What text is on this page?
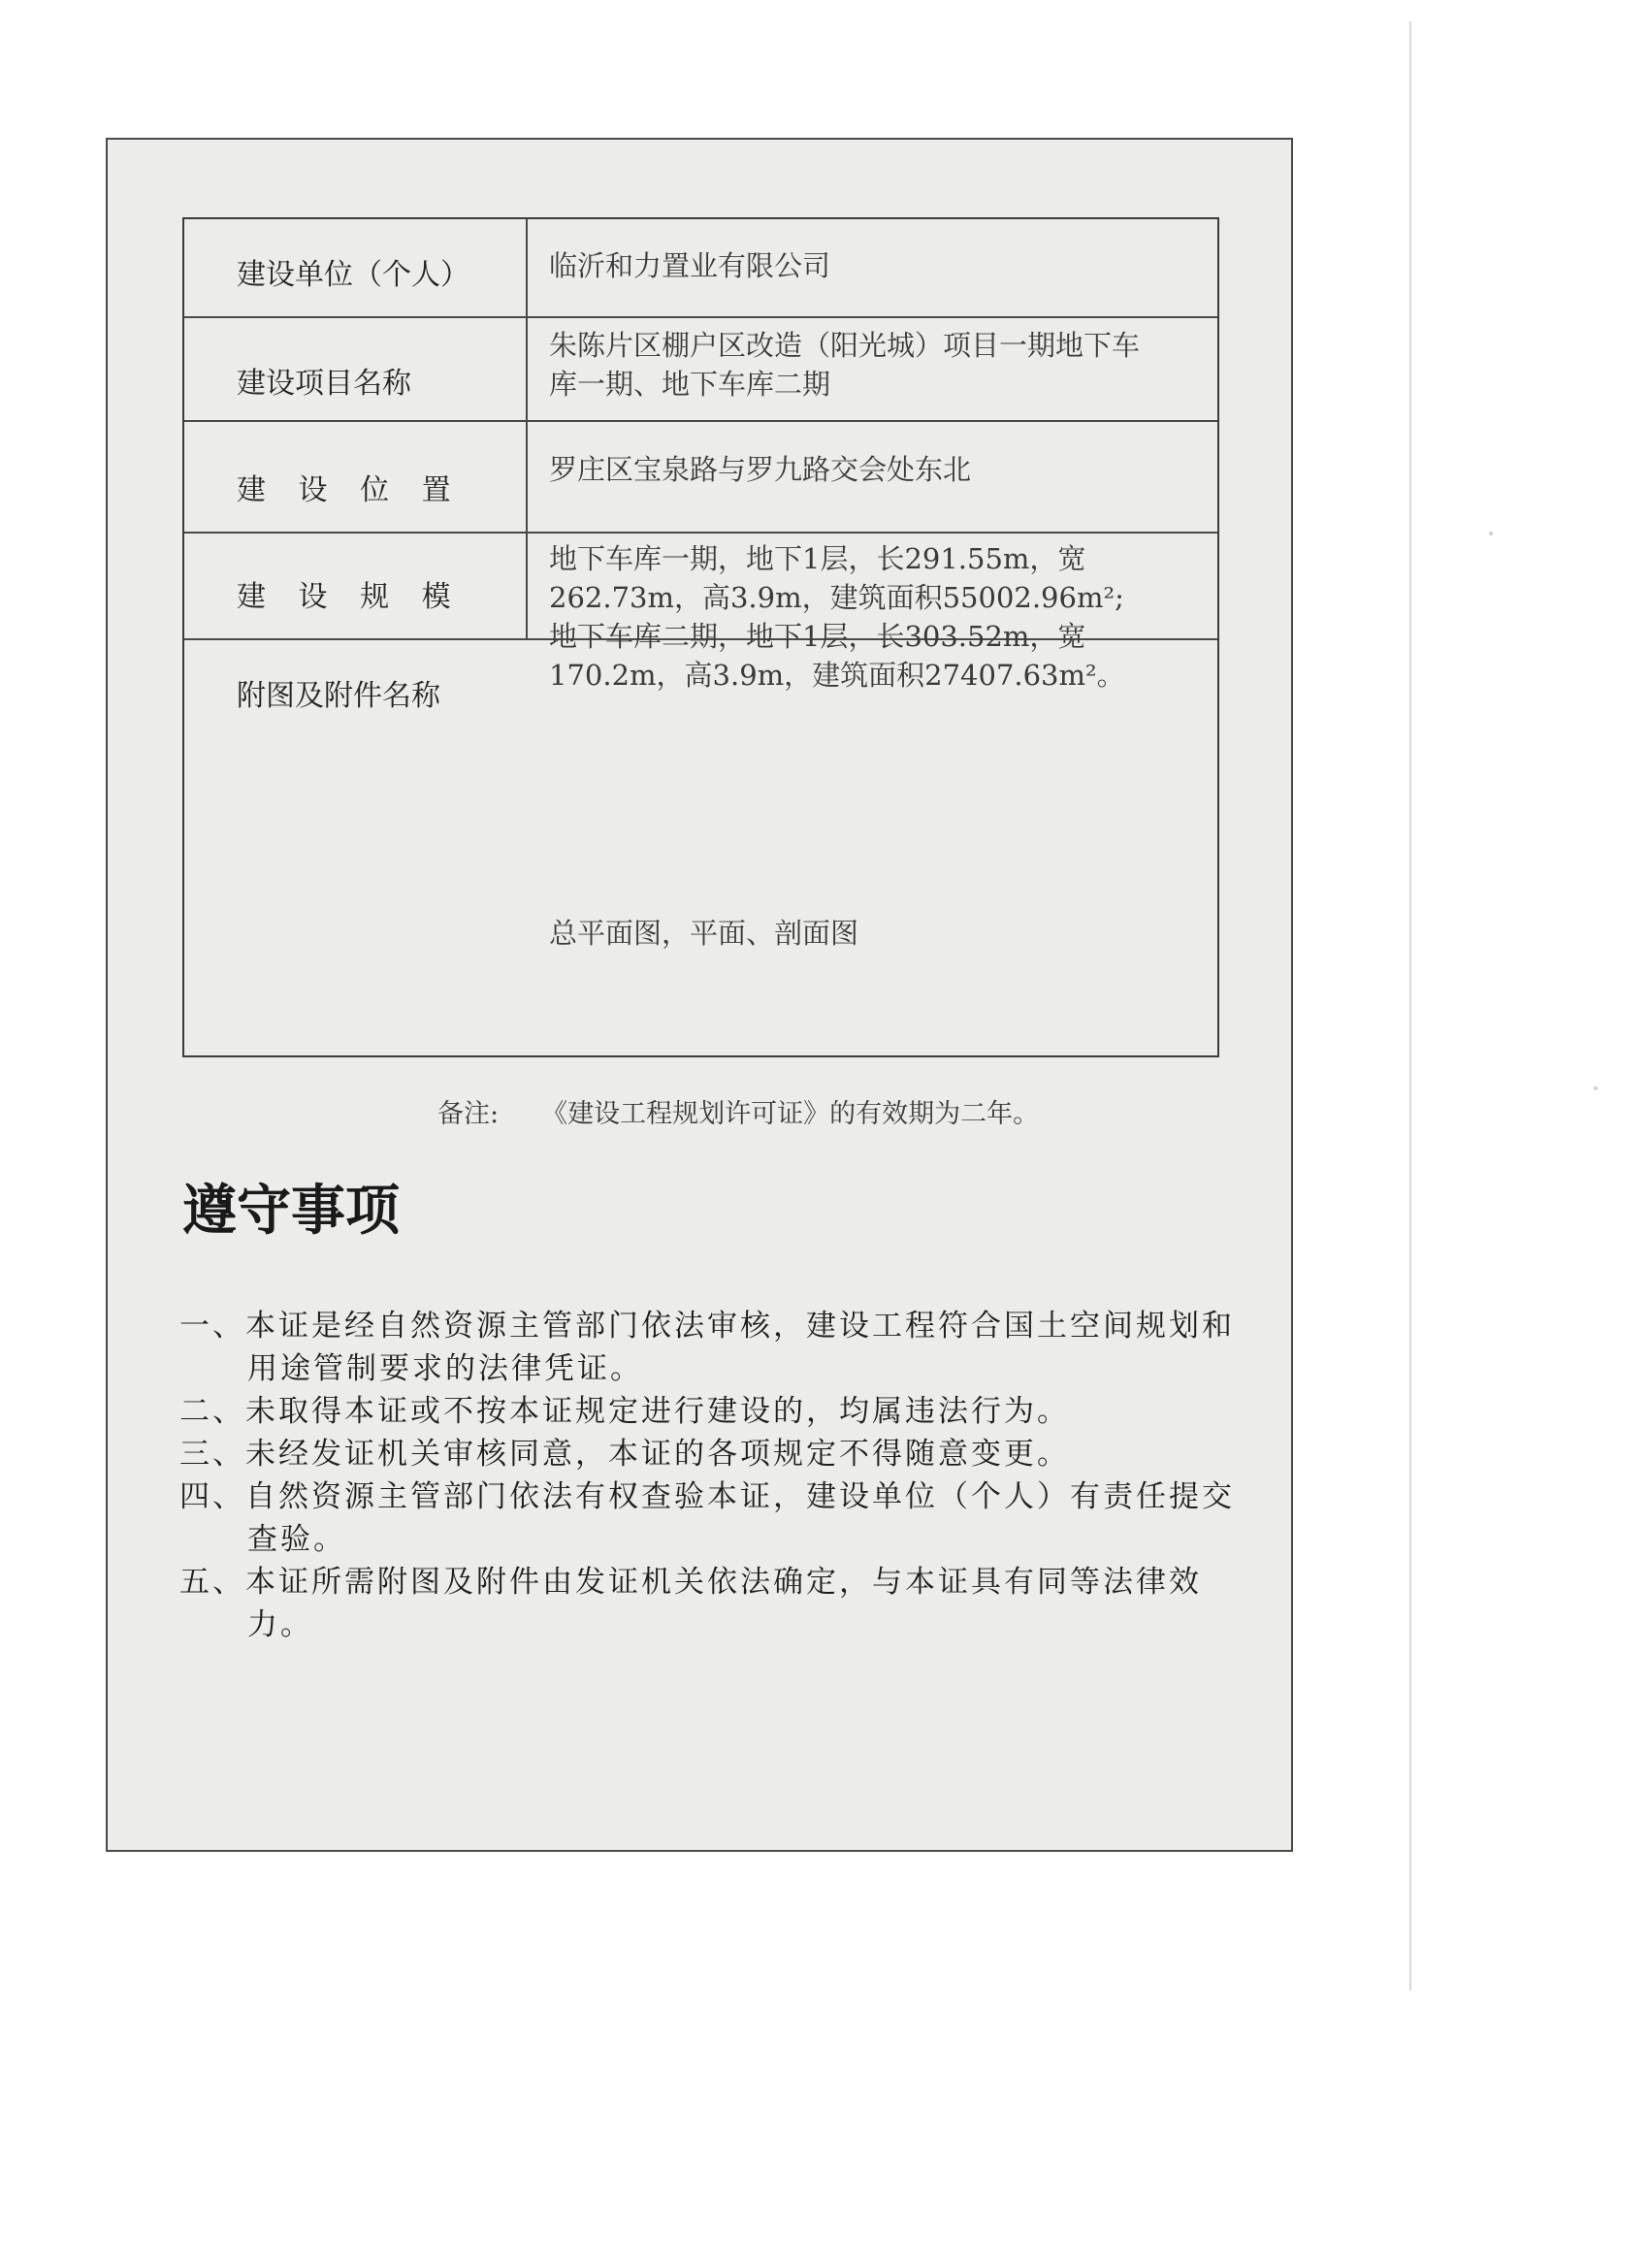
建设单位（个人）	临沂和力置业有限公司
建设项目名称
朱陈片区棚户区改造（阳光城）项目一期地下车
库一期、地下车库二期
建 设 位 置
罗庄区宝泉路与罗九路交会处东北
建 设 规 模
地下车库一期，地下1层，长291.55m，宽
262.73m，高3.9m，建筑面积55002.96m²;
地下车库二期，地下1层，长303.52m，宽
170.2m，高3.9m，建筑面积27407.63m²。
附图及附件名称
总平面图，平面、剖面图
备注: 《建设工程规划许可证》的有效期为二年。
遵守事项
一、本证是经自然资源主管部门依法审核，建设工程符合国土空间规划和用途管制要求的法律凭证。
二、未取得本证或不按本证规定进行建设的，均属违法行为。
三、未经发证机关审核同意，本证的各项规定不得随意变更。
四、自然资源主管部门依法有权查验本证，建设单位（个人）有责任提交查验。
五、本证所需附图及附件由发证机关依法确定，与本证具有同等法律效力。
